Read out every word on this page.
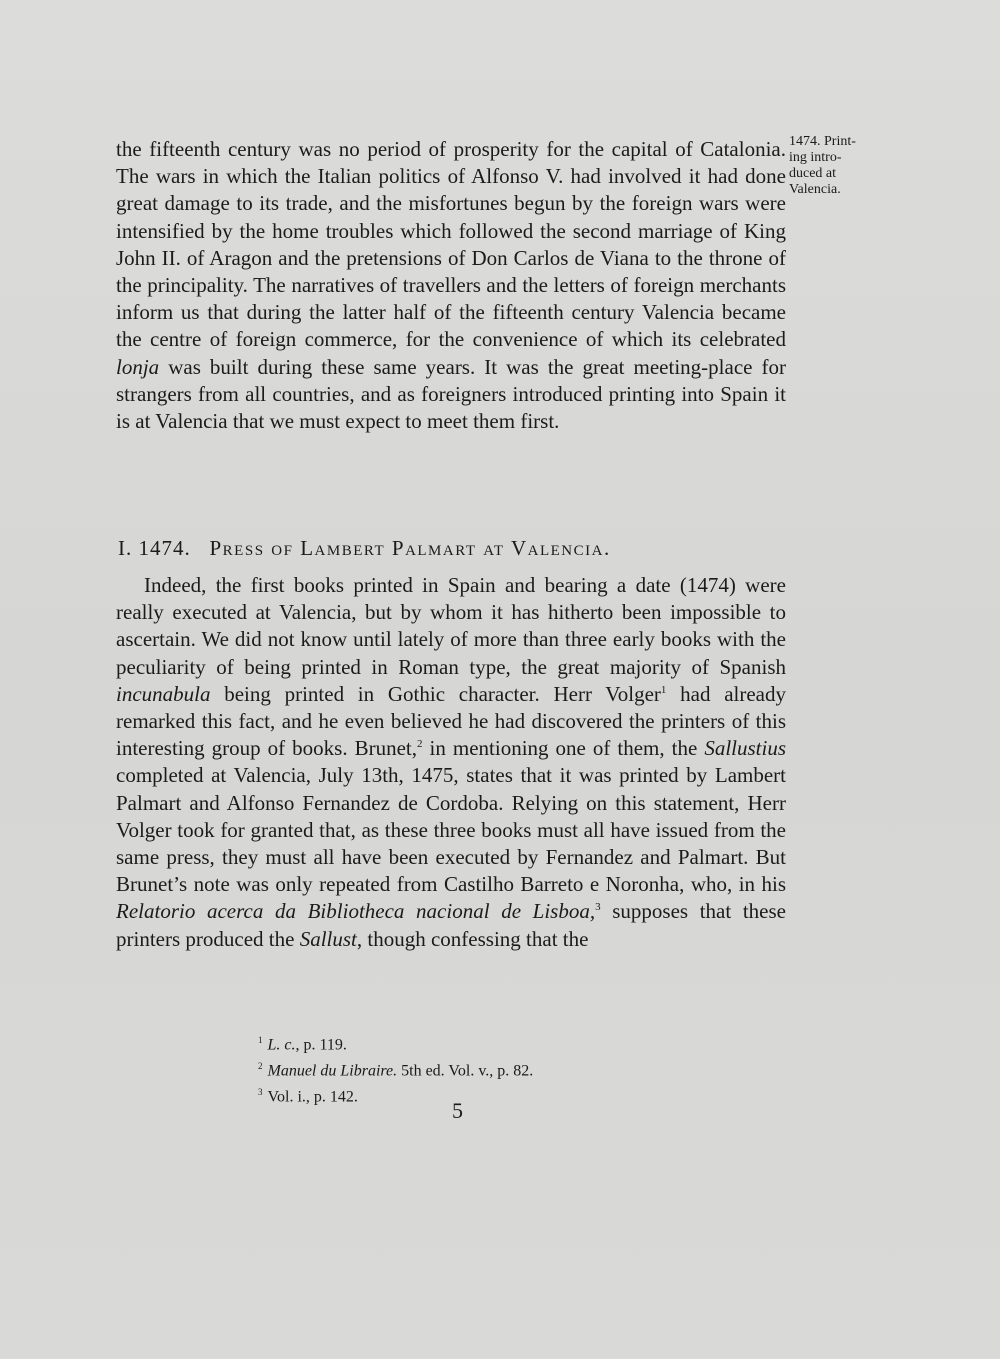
1474. Print-
ing intro-
duced at
Valencia.
the fifteenth century was no period of prosperity for the capital of Catalonia. The wars in which the Italian politics of Alfonso V. had involved it had done great damage to its trade, and the misfortunes begun by the foreign wars were intensified by the home troubles which followed the second marriage of King John II. of Aragon and the pretensions of Don Carlos de Viana to the throne of the principality. The narratives of travellers and the letters of foreign merchants inform us that during the latter half of the fifteenth century Valencia became the centre of foreign commerce, for the convenience of which its celebrated lonja was built during these same years. It was the great meeting-place for strangers from all countries, and as foreigners introduced printing into Spain it is at Valencia that we must expect to meet them first.
I. 1474. Press of Lambert Palmart at Valencia.
Indeed, the first books printed in Spain and bearing a date (1474) were really executed at Valencia, but by whom it has hitherto been impossible to ascertain. We did not know until lately of more than three early books with the peculiarity of being printed in Roman type, the great majority of Spanish incunabula being printed in Gothic character. Herr Volger$^1$ had already remarked this fact, and he even believed he had discovered the printers of this interesting group of books. Brunet,$^2$ in mentioning one of them, the Sallustius completed at Valencia, July 13th, 1475, states that it was printed by Lambert Palmart and Alfonso Fernandez de Cordoba. Relying on this statement, Herr Volger took for granted that, as these three books must all have issued from the same press, they must all have been executed by Fernandez and Palmart. But Brunet’s note was only repeated from Castilho Barreto e Noronha, who, in his Relatorio acerca da Bibliotheca nacional de Lisboa,$^3$ supposes that these printers produced the Sallust, though confessing that the
$^1$ L. c., p. 119.
$^2$ Manuel du Libraire. 5th ed. Vol. v., p. 82.
$^3$ Vol. i., p. 142.
5
